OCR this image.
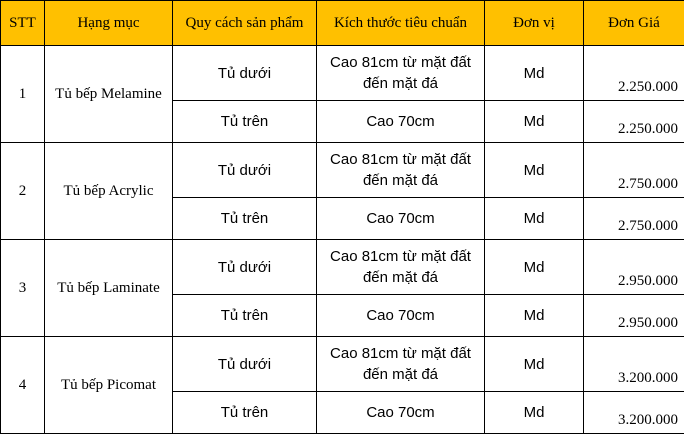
STT	Hạng mục	Quy cách sản phẩm	Kích thước tiêu chuẩn	Đơn vị	Đơn Giá
1	Tủ bếp Melamine	Tủ dưới	Cao 81cm từ mặt đất đến mặt đá	Md	2.250.000
		Tủ trên	Cao 70cm	Md	2.250.000
2	Tủ bếp Acrylic	Tủ dưới	Cao 81cm từ mặt đất đến mặt đá	Md	2.750.000
		Tủ trên	Cao 70cm	Md	2.750.000
3	Tủ bếp Laminate	Tủ dưới	Cao 81cm từ mặt đất đến mặt đá	Md	2.950.000
		Tủ trên	Cao 70cm	Md	2.950.000
4	Tủ bếp Picomat	Tủ dưới	Cao 81cm từ mặt đất đến mặt đá	Md	3.200.000
		Tủ trên	Cao 70cm	Md	3.200.000
